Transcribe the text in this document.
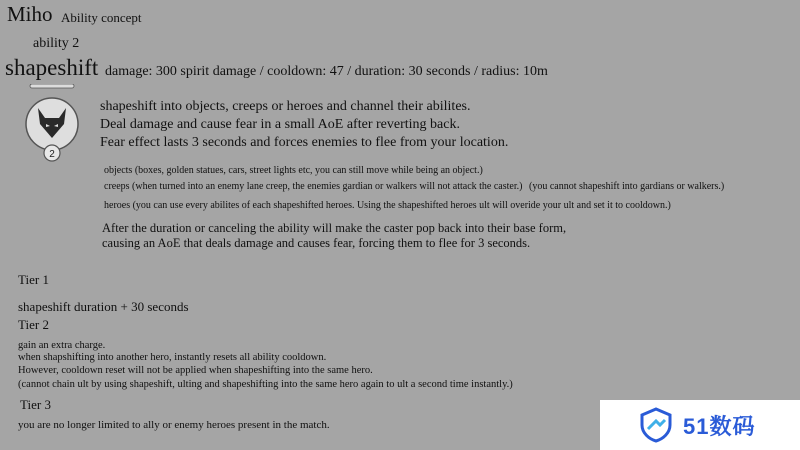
Miho Ability concept
ability 2
shapeshift damage: 300 spirit damage / cooldown: 47 / duration: 30 seconds / radius: 10m
2
shapeshift into objects, creeps or heroes and channel their abilites.
Deal damage and cause fear in a small AoE after reverting back.
Fear effect lasts 3 seconds and forces enemies to flee from your location.
objects (boxes, golden statues, cars, street lights etc, you can still move while being an object.)
creeps (when turned into an enemy lane creep, the enemies gardian or walkers will not attack the caster.) (you cannot shapeshift into gardians or walkers.)
heroes (you can use every abilites of each shapeshifted heroes. Using the shapeshifted heroes ult will overide your ult and set it to cooldown.)
After the duration or canceling the ability will make the caster pop back into their base form,
causing an AoE that deals damage and causes fear, forcing them to flee for 3 seconds.
Tier 1
shapeshift duration + 30 seconds
Tier 2
gain an extra charge.
when shapshifting into another hero, instantly resets all ability cooldown.
However, cooldown reset will not be applied when shapeshifting into the same hero.
(cannot chain ult by using shapeshift, ulting and shapeshifting into the same hero again to ult a second time instantly.)
Tier 3
you are no longer limited to ally or enemy heroes present in the match.	51数码
